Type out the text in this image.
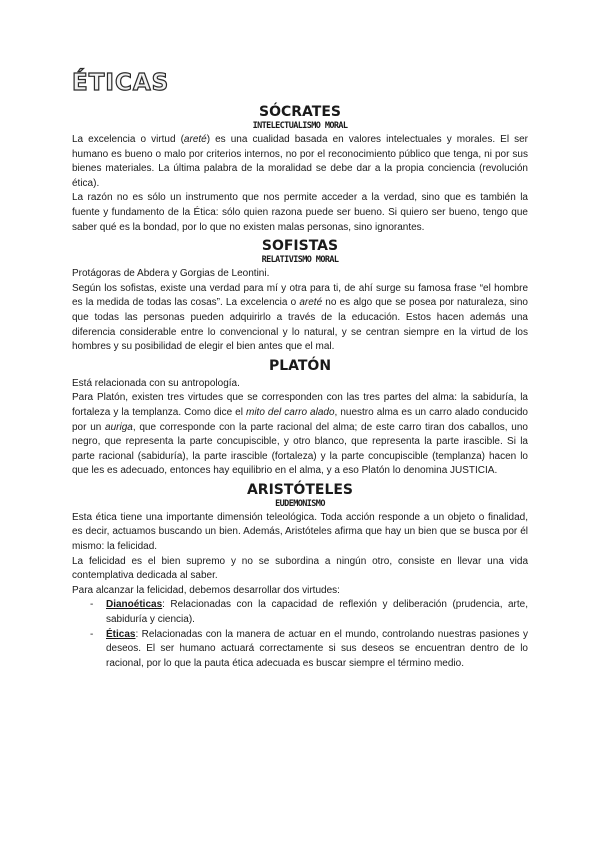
ÉTICAS
SÓCRATES
INTELECTUALISMO MORAL

La excelencia o virtud (areté) es una cualidad basada en valores intelectuales y morales. El ser humano es bueno o malo por criterios internos, no por el reconocimiento público que tenga, ni por sus bienes materiales. La última palabra de la moralidad se debe dar a la propia conciencia (revolución ética).

La razón no es sólo un instrumento que nos permite acceder a la verdad, sino que es también la fuente y fundamento de la Ética: sólo quien razona puede ser bueno. Si quiero ser bueno, tengo que saber qué es la bondad, por lo que no existen malas personas, sino ignorantes.

SOFISTAS
RELATIVISMO MORAL

Protágoras de Abdera y Gorgias de Leontini.

Según los sofistas, existe una verdad para mí y otra para ti, de ahí surge su famosa frase “el hombre es la medida de todas las cosas”. La excelencia o areté no es algo que se posea por naturaleza, sino que todas las personas pueden adquirirlo a través de la educación. Estos hacen además una diferencia considerable entre lo convencional y lo natural, y se centran siempre en la virtud de los hombres y su posibilidad de elegir el bien antes que el mal.

PLATÓN

Está relacionada con su antropología.

Para Platón, existen tres virtudes que se corresponden con las tres partes del alma: la sabiduría, la fortaleza y la templanza. Como dice el mito del carro alado, nuestro alma es un carro alado conducido por un auriga, que corresponde con la parte racional del alma; de este carro tiran dos caballos, uno negro, que representa la parte concupiscible, y otro blanco, que representa la parte irascible. Si la parte racional (sabiduría), la parte irascible (fortaleza) y la parte concupiscible (templanza) hacen lo que les es adecuado, entonces hay equilibrio en el alma, y a eso Platón lo denomina JUSTICIA.

ARISTÓTELES
EUDEMONISMO

Esta ética tiene una importante dimensión teleológica. Toda acción responde a un objeto o finalidad, es decir, actuamos buscando un bien. Además, Aristóteles afirma que hay un bien que se busca por él mismo: la felicidad.

La felicidad es el bien supremo y no se subordina a ningún otro, consiste en llevar una vida contemplativa dedicada al saber.

Para alcanzar la felicidad, debemos desarrollar dos virtudes:

- Dianoéticas: Relacionadas con la capacidad de reflexión y deliberación (prudencia, arte, sabiduría y ciencia).
- Éticas: Relacionadas con la manera de actuar en el mundo, controlando nuestras pasiones y deseos. El ser humano actuará correctamente si sus deseos se encuentran dentro de lo racional, por lo que la pauta ética adecuada es buscar siempre el término medio.
